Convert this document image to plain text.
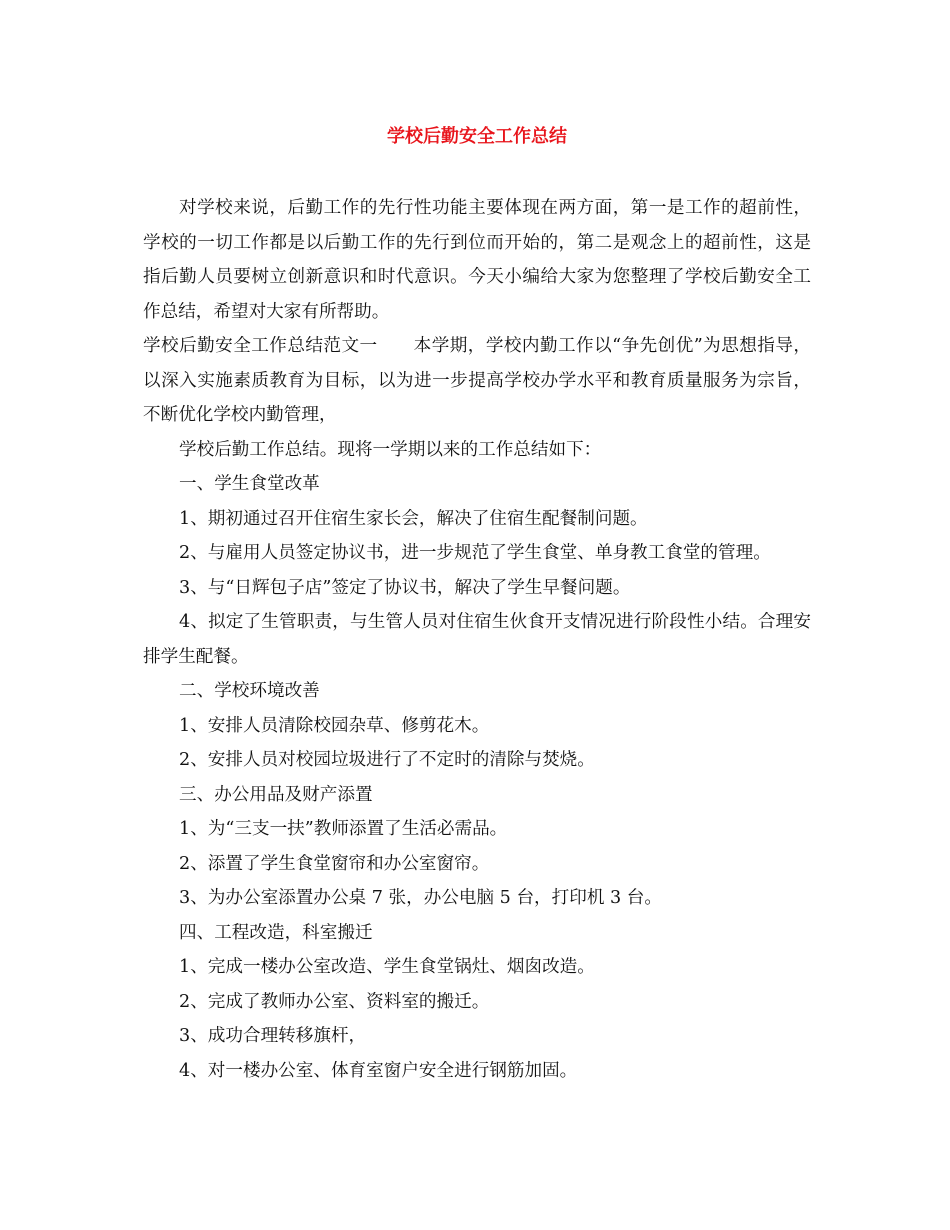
学校后勤安全工作总结

对学校来说，后勤工作的先行性功能主要体现在两方面，第一是工作的超前性，学校的一切工作都是以后勤工作的先行到位而开始的，第二是观念上的超前性，这是指后勤人员要树立创新意识和时代意识。今天小编给大家为您整理了学校后勤安全工作总结，希望对大家有所帮助。

学校后勤安全工作总结范文一　　本学期，学校内勤工作以“争先创优”为思想指导，以深入实施素质教育为目标，以为进一步提高学校办学水平和教育质量服务为宗旨，不断优化学校内勤管理，

学校后勤工作总结。现将一学期以来的工作总结如下：

一、学生食堂改革

1、期初通过召开住宿生家长会，解决了住宿生配餐制问题。

2、与雇用人员签定协议书，进一步规范了学生食堂、单身教工食堂的管理。

3、与“日辉包子店”签定了协议书，解决了学生早餐问题。

4、拟定了生管职责，与生管人员对住宿生伙食开支情况进行阶段性小结。合理安排学生配餐。

二、学校环境改善

1、安排人员清除校园杂草、修剪花木。

2、安排人员对校园垃圾进行了不定时的清除与焚烧。

三、办公用品及财产添置

1、为“三支一扶”教师添置了生活必需品。

2、添置了学生食堂窗帘和办公室窗帘。

3、为办公室添置办公桌 7 张，办公电脑 5 台，打印机 3 台。

四、工程改造，科室搬迁

1、完成一楼办公室改造、学生食堂锅灶、烟囱改造。

2、完成了教师办公室、资料室的搬迁。

3、成功合理转移旗杆，

4、对一楼办公室、体育室窗户安全进行钢筋加固。
